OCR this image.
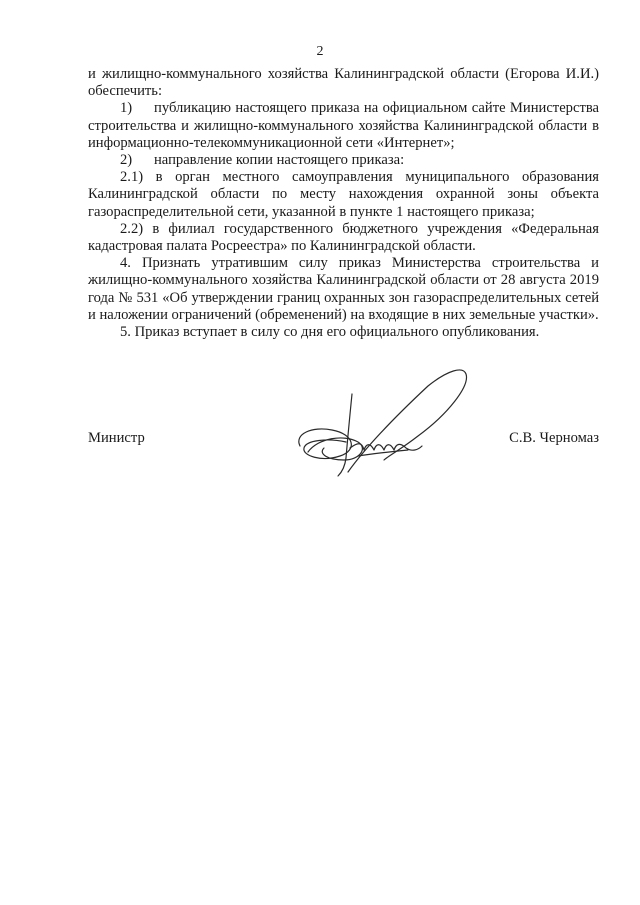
2

и жилищно-коммунального хозяйства Калининградской области (Егорова И.И.) обеспечить:

1) публикацию настоящего приказа на официальном сайте Министерства строительства и жилищно-коммунального хозяйства Калининградской области в информационно-телекоммуникационной сети «Интернет»;

2) направление копии настоящего приказа:

2.1) в орган местного самоуправления муниципального образования Калининградской области по месту нахождения охранной зоны объекта газораспределительной сети, указанной в пункте 1 настоящего приказа;

2.2) в филиал государственного бюджетного учреждения «Федеральная кадастровая палата Росреестра» по Калининградской области.

4. Признать утратившим силу приказ Министерства строительства и жилищно-коммунального хозяйства Калининградской области от 28 августа 2019 года № 531 «Об утверждении границ охранных зон газораспределительных сетей и наложении ограничений (обременений) на входящие в них земельные участки».

5. Приказ вступает в силу со дня его официального опубликования.

Министр	С.В. Черномаз
